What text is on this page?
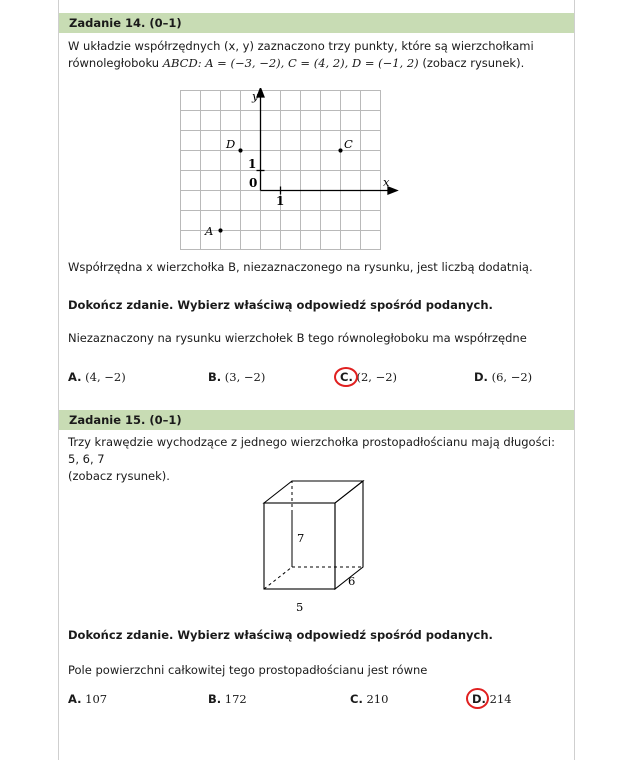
Zadanie 14. (0–1)
W układzie współrzędnych (x, y) zaznaczono trzy punkty, które są wierzchołkami
równoległoboku ABCD: A = (−3, −2), C = (4, 2), D = (−1, 2) (zobacz rysunek).
y
x
0
1
1
D	C
A
Współrzędna x wierzchołka B, niezaznaczonego na rysunku, jest liczbą dodatnią.
Dokończ zdanie. Wybierz właściwą odpowiedź spośród podanych.
Niezaznaczony na rysunku wierzchołek B tego równoległoboku ma współrzędne
A. (4, −2)	B. (3, −2)	C. (2, −2)	D. (6, −2)
Zadanie 15. (0–1)
Trzy krawędzie wychodzące z jednego wierzchołka prostopadłościanu mają długości: 5, 6, 7
(zobacz rysunek).
7
6
5
Dokończ zdanie. Wybierz właściwą odpowiedź spośród podanych.
Pole powierzchni całkowitej tego prostopadłościanu jest równe
A. 107	B. 172	C. 210	D. 214
